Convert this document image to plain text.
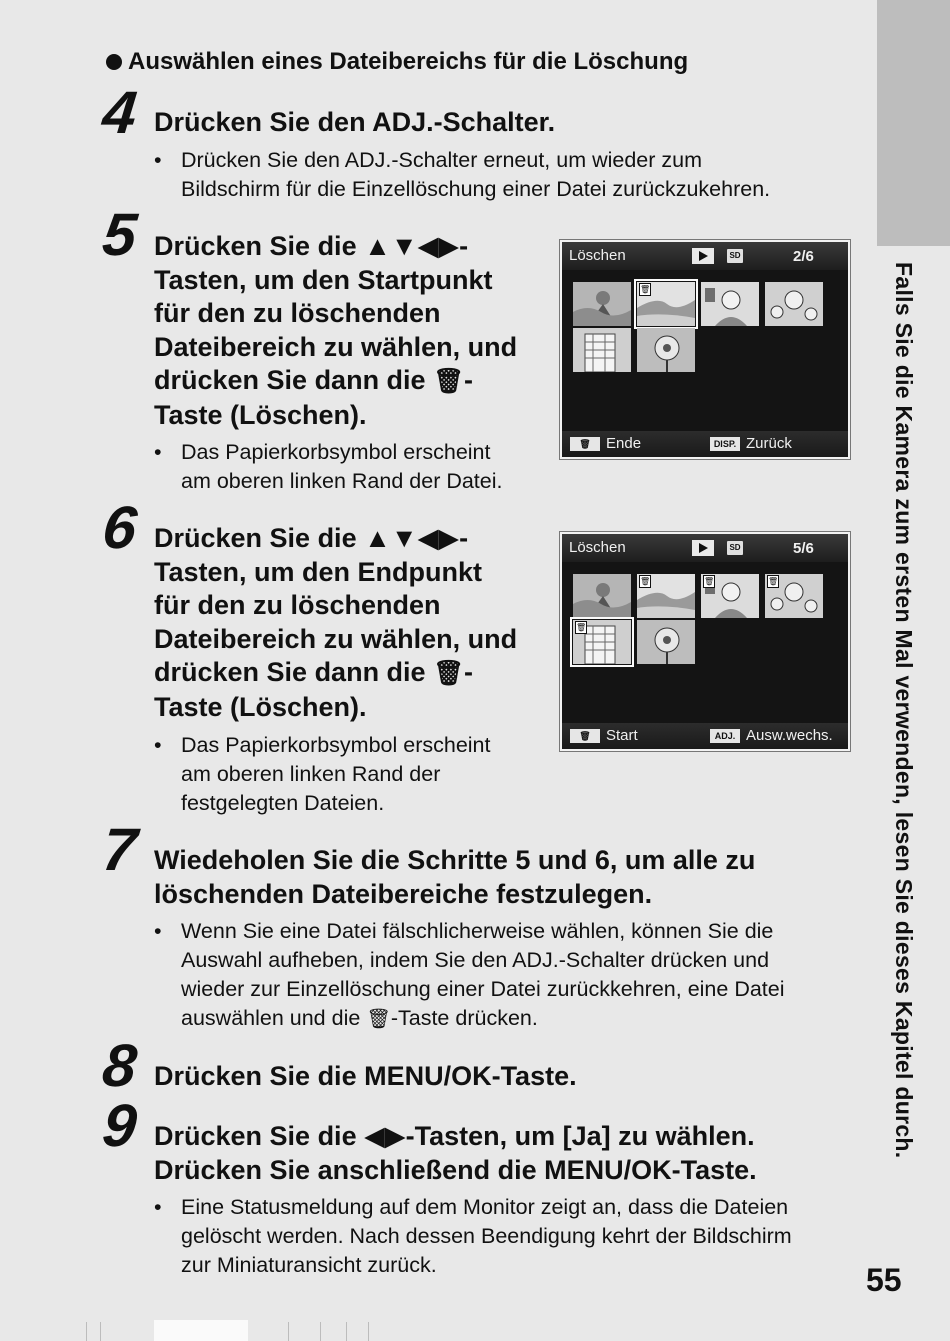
Falls Sie die Kamera zum ersten Mal verwenden, lesen Sie dieses Kapitel durch.
55
Auswählen eines Dateibereichs für die Löschung
4 Drücken Sie den ADJ.-Schalter.
• Drücken Sie den ADJ.-Schalter erneut, um wieder zum
Bildschirm für die Einzellöschung einer Datei zurückzukehren.
5 Drücken Sie die ▲▼◀▶-
Tasten, um den Startpunkt
für den zu löschenden
Dateibereich zu wählen, und
drücken Sie dann die 🗑-
Taste (Löschen).
• Das Papierkorbsymbol erscheint
am oberen linken Rand der Datei.
Löschen	SD	2/6
🗑
🗑	Ende	DISP. Zurück
6 Drücken Sie die ▲▼◀▶-
Tasten, um den Endpunkt
für den zu löschenden
Dateibereich zu wählen, und
drücken Sie dann die 🗑-
Taste (Löschen).
• Das Papierkorbsymbol erscheint
am oberen linken Rand der
festgelegten Dateien.
Löschen	SD	5/6
🗑	🗑	🗑
🗑
🗑	Start	ADJ. Ausw.wechs.
7 Wiedeholen Sie die Schritte 5 und 6, um alle zu
löschenden Dateibereiche festzulegen.
• Wenn Sie eine Datei fälschlicherweise wählen, können Sie die
Auswahl aufheben, indem Sie den ADJ.-Schalter drücken und
wieder zur Einzellöschung einer Datei zurückkehren, eine Datei
auswählen und die 🗑-Taste drücken.
8 Drücken Sie die MENU/OK-Taste.
9 Drücken Sie die ◀▶-Tasten, um [Ja] zu wählen.
Drücken Sie anschließend die MENU/OK-Taste.
• Eine Statusmeldung auf dem Monitor zeigt an, dass die Dateien
gelöscht werden. Nach dessen Beendigung kehrt der Bildschirm
zur Miniaturansicht zurück.
